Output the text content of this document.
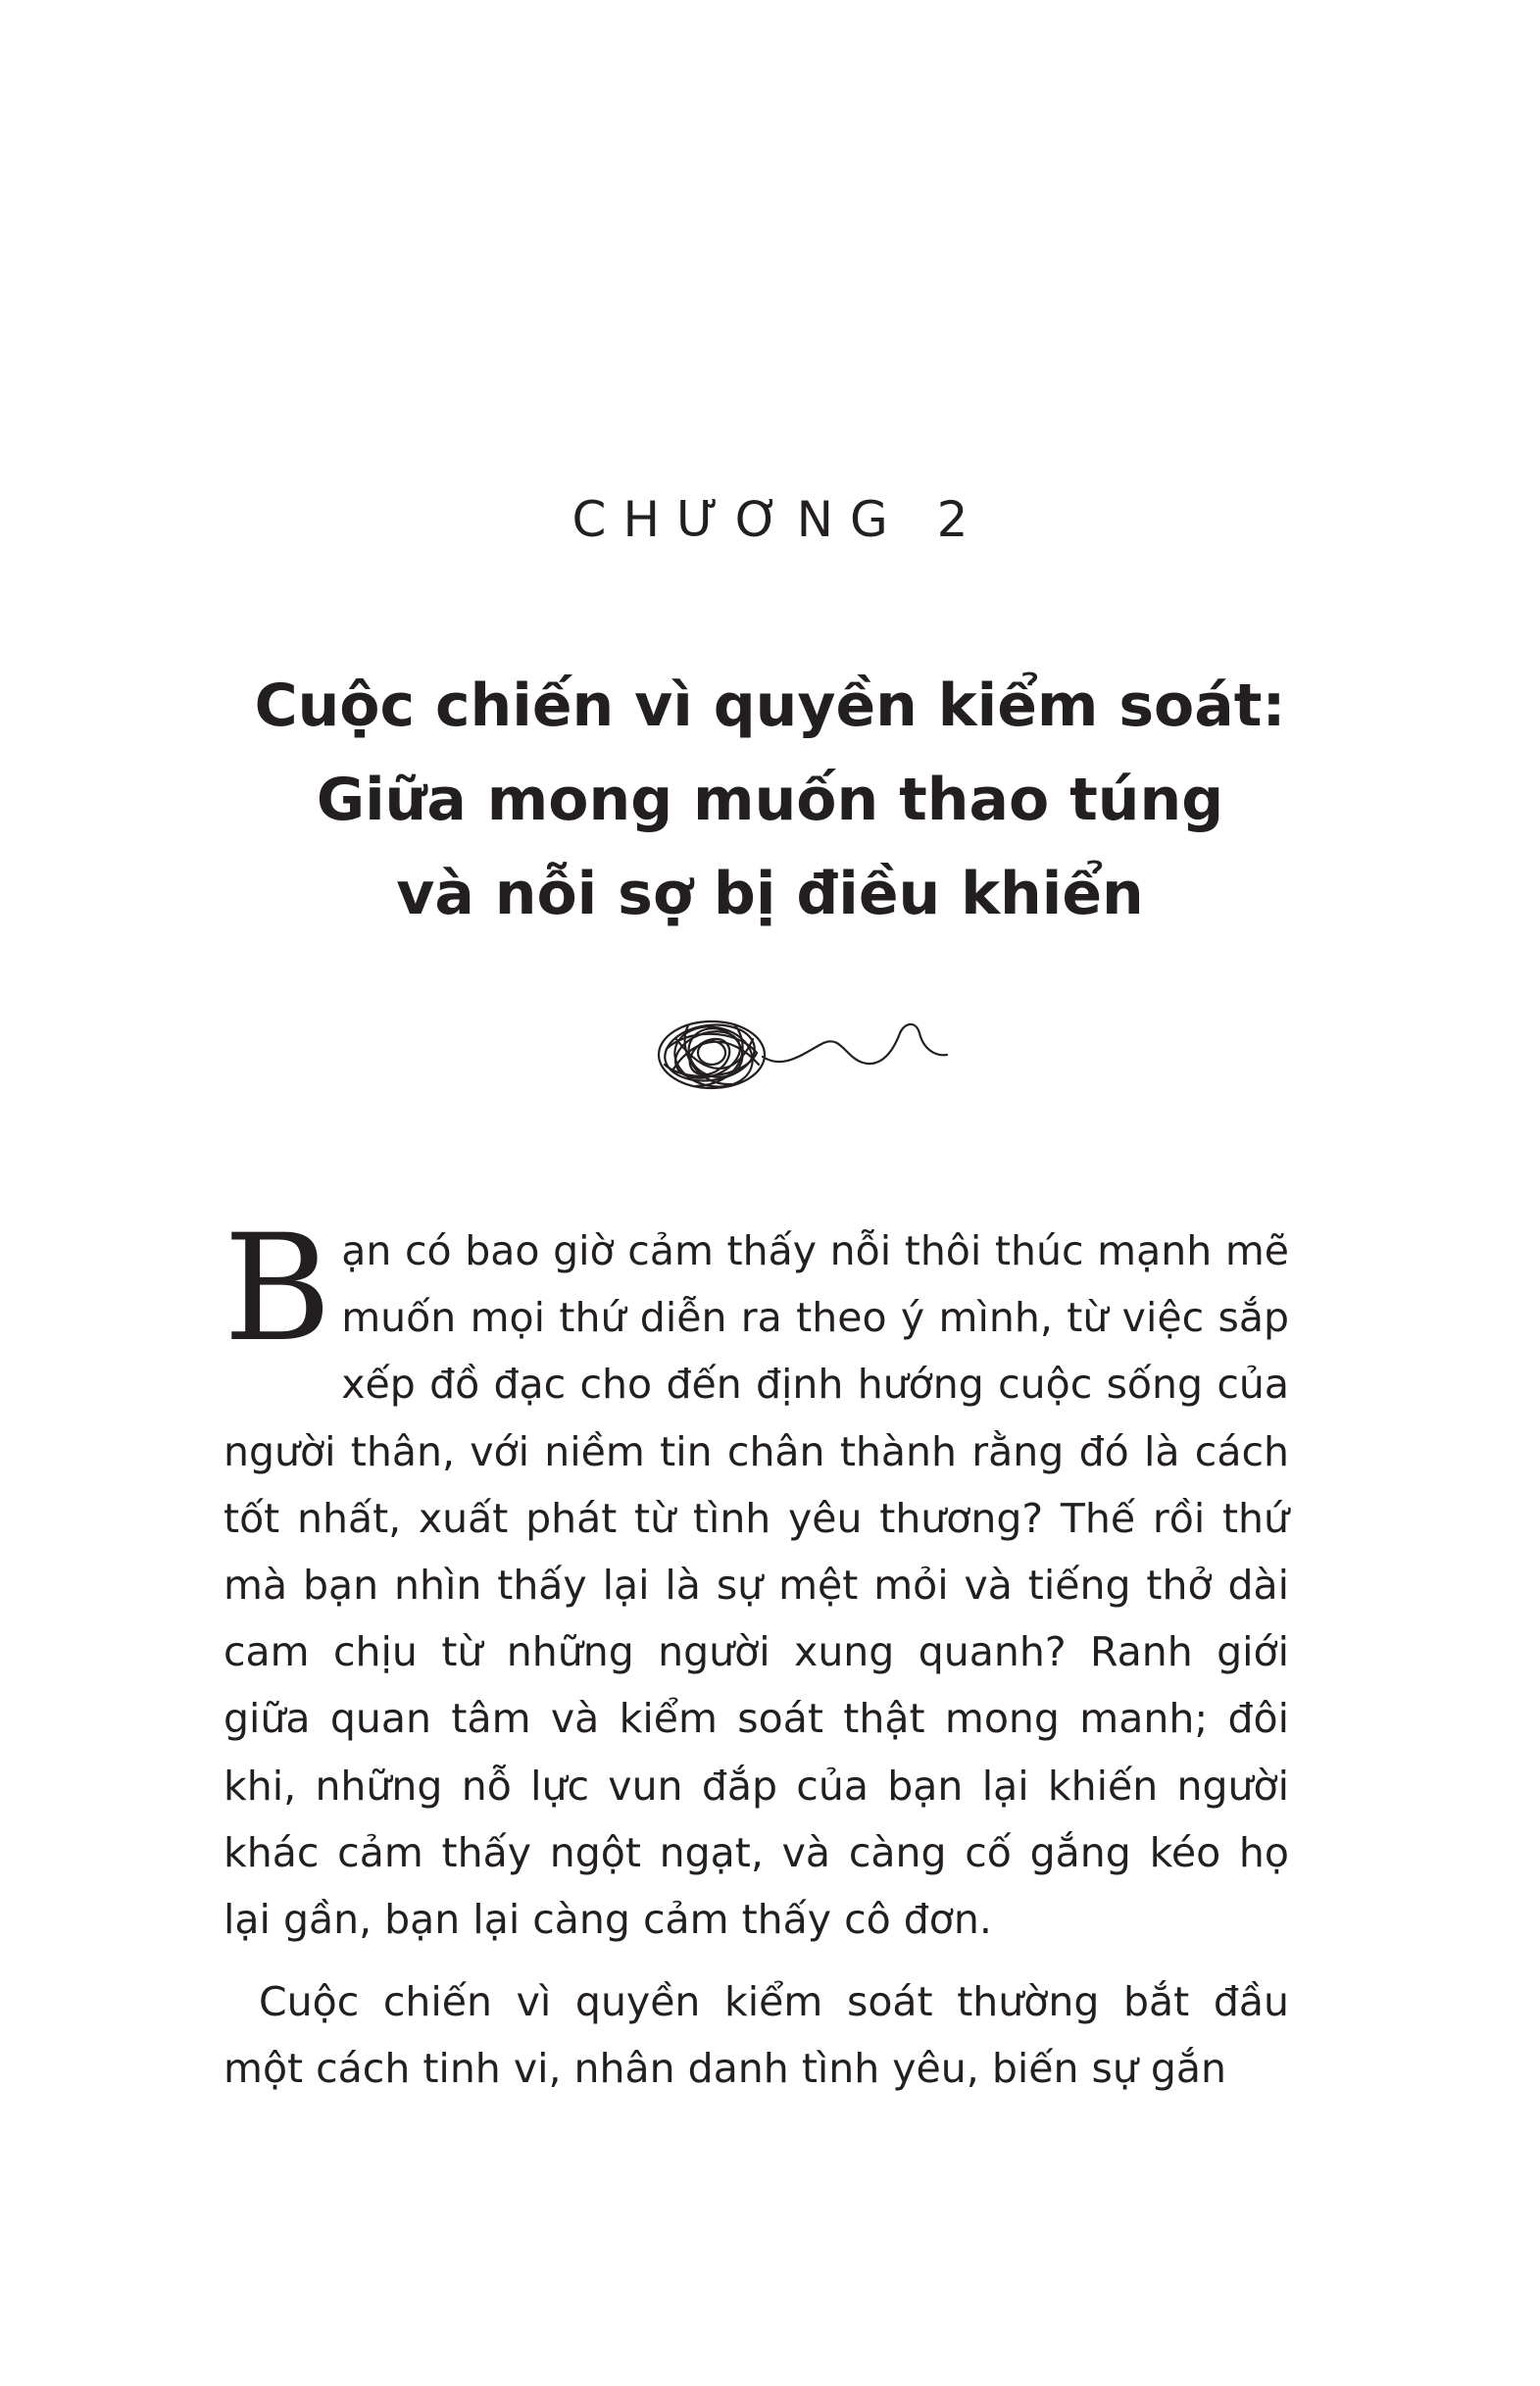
CHƯƠNG 2
Cuộc chiến vì quyền kiểm soát:
Giữa mong muốn thao túng
và nỗi sợ bị điều khiển

Bạn có bao giờ cảm thấy nỗi thôi thúc mạnh mẽ muốn mọi thứ diễn ra theo ý mình, từ việc sắp xếp đồ đạc cho đến định hướng cuộc sống của người thân, với niềm tin chân thành rằng đó là cách tốt nhất, xuất phát từ tình yêu thương? Thế rồi thứ mà bạn nhìn thấy lại là sự mệt mỏi và tiếng thở dài cam chịu từ những người xung quanh? Ranh giới giữa quan tâm và kiểm soát thật mong manh; đôi khi, những nỗ lực vun đắp của bạn lại khiến người khác cảm thấy ngột ngạt, và càng cố gắng kéo họ lại gần, bạn lại càng cảm thấy cô đơn.

Cuộc chiến vì quyền kiểm soát thường bắt đầu một cách tinh vi, nhân danh tình yêu, biến sự gắn
